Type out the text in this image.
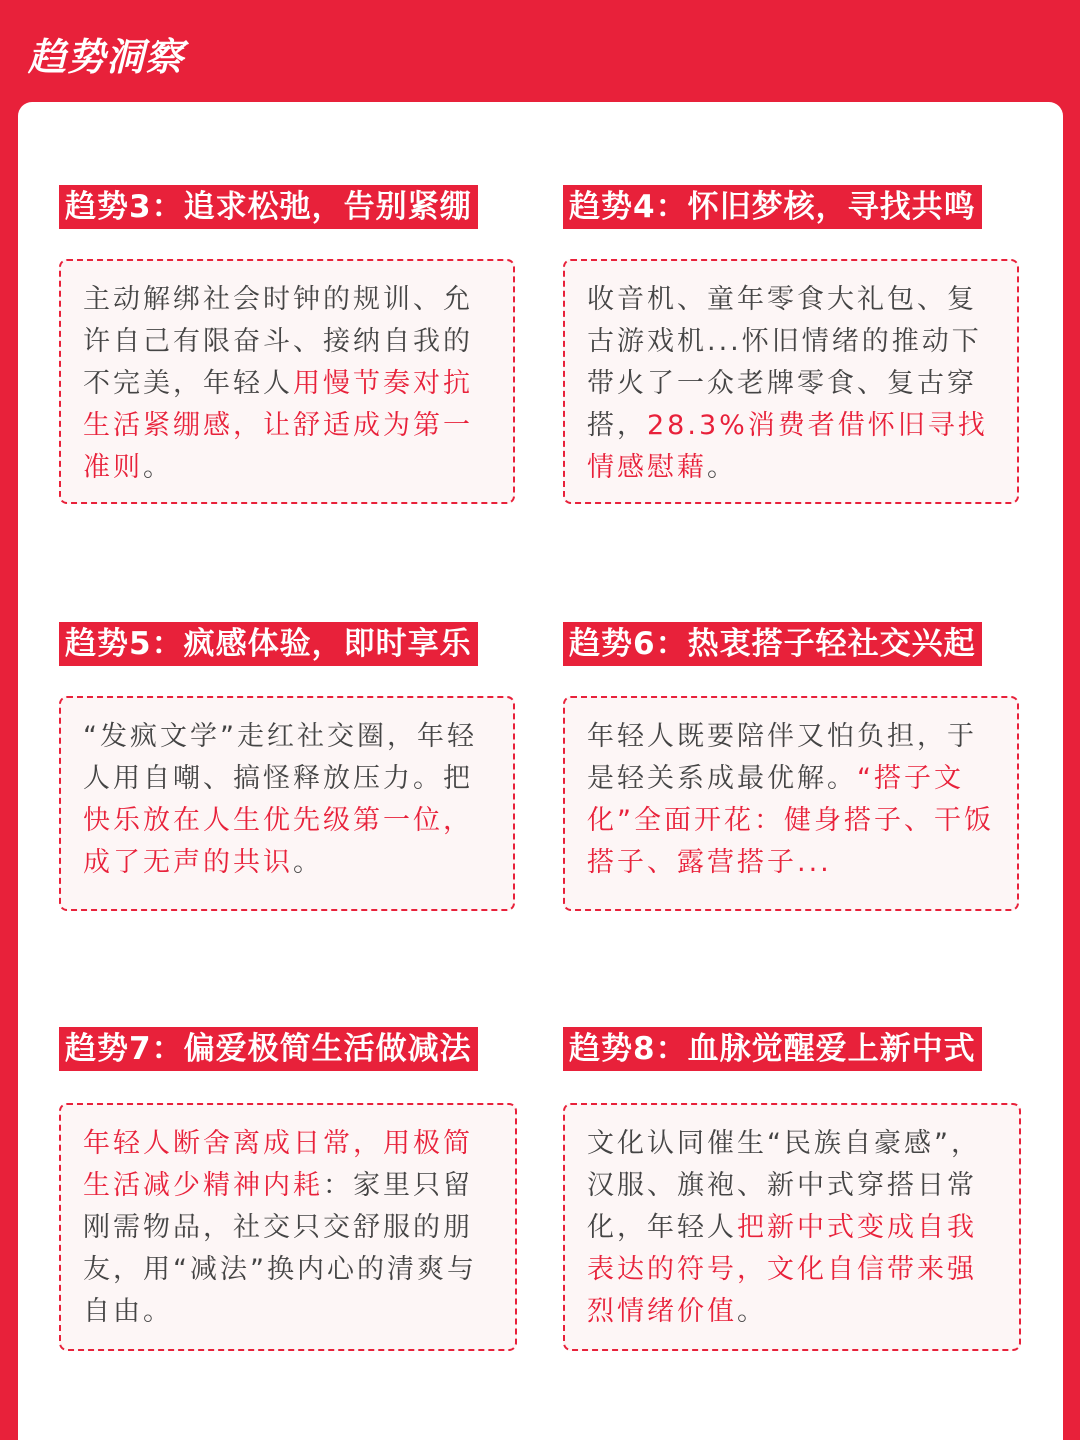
趋势洞察
趋势3：追求松弛，告别紧绷
主动解绑社会时钟的规训、允许自己有限奋斗、接纳自我的不完美，年轻人用慢节奏对抗生活紧绷感，让舒适成为第一准则。
趋势4：怀旧梦核，寻找共鸣
收音机、童年零食大礼包、复古游戏机...怀旧情绪的推动下带火了一众老牌零食、复古穿搭，28.3%消费者借怀旧寻找情感慰藉。
趋势5：疯感体验，即时享乐
“发疯文学”走红社交圈，年轻人用自嘲、搞怪释放压力。把快乐放在人生优先级第一位，成了无声的共识。
趋势6：热衷搭子轻社交兴起
年轻人既要陪伴又怕负担，于是轻关系成最优解。“搭子文化”全面开花：健身搭子、干饭搭子、露营搭子...
趋势7：偏爱极简生活做减法
年轻人断舍离成日常，用极简生活减少精神内耗：家里只留刚需物品，社交只交舒服的朋友，用“减法”换内心的清爽与自由。
趋势8：血脉觉醒爱上新中式
文化认同催生“民族自豪感”，汉服、旗袍、新中式穿搭日常化，年轻人把新中式变成自我表达的符号，文化自信带来强烈情绪价值。
